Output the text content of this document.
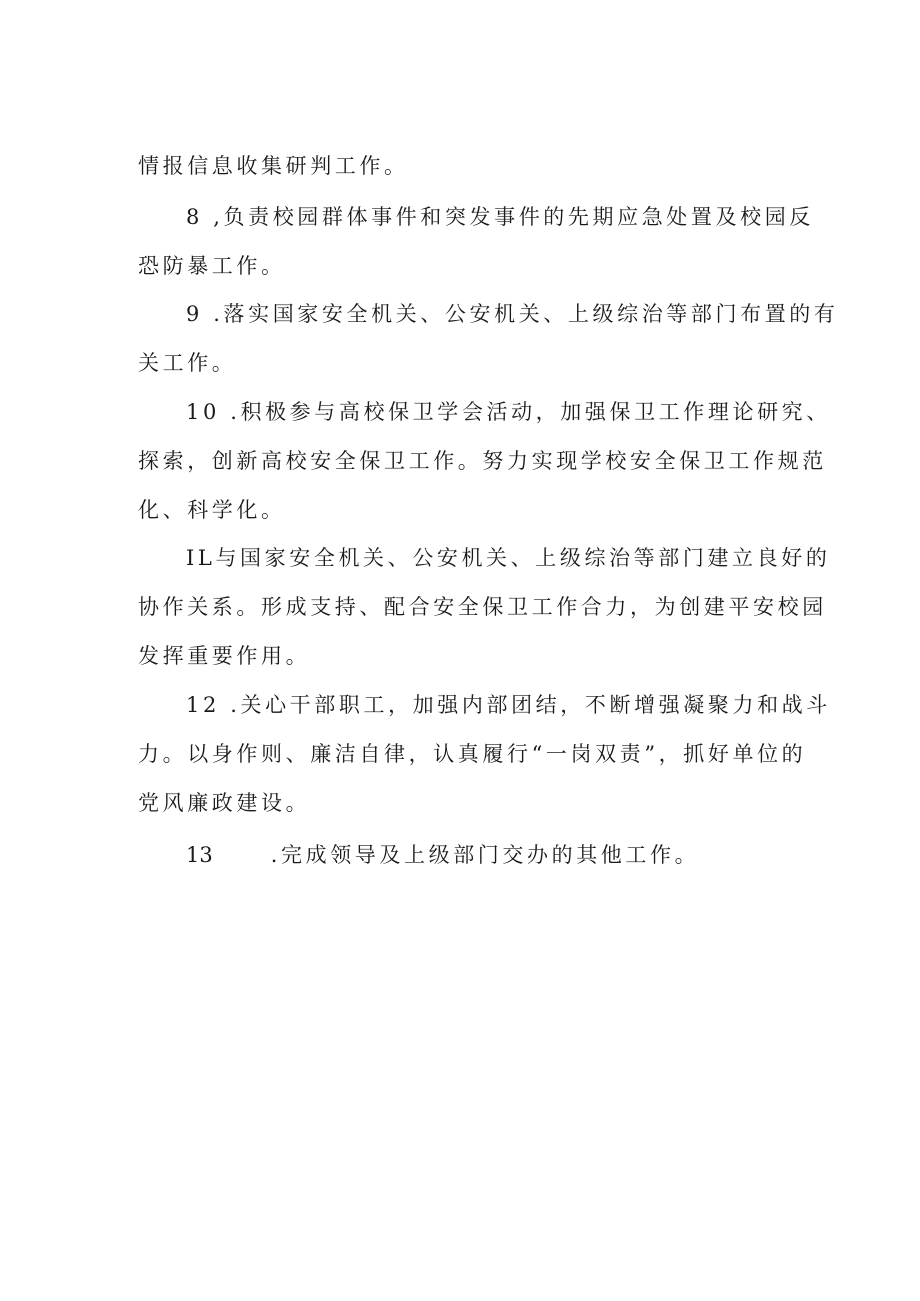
情报信息收集研判工作。
8 ,负责校园群体事件和突发事件的先期应急处置及校园反
恐防暴工作。
9 .落实国家安全机关、公安机关、上级综治等部门布置的有
关工作。
10 .积极参与高校保卫学会活动，加强保卫工作理论研究、
探索，创新高校安全保卫工作。努力实现学校安全保卫工作规范
化、科学化。
IL与国家安全机关、公安机关、上级综治等部门建立良好的
协作关系。形成支持、配合安全保卫工作合力，为创建平安校园
发挥重要作用。
12 .关心干部职工，加强内部团结，不断增强凝聚力和战斗
力。以身作则、廉洁自律，认真履行“一岗双责”，抓好单位的
党风廉政建设。
13	.完成领导及上级部门交办的其他工作。
